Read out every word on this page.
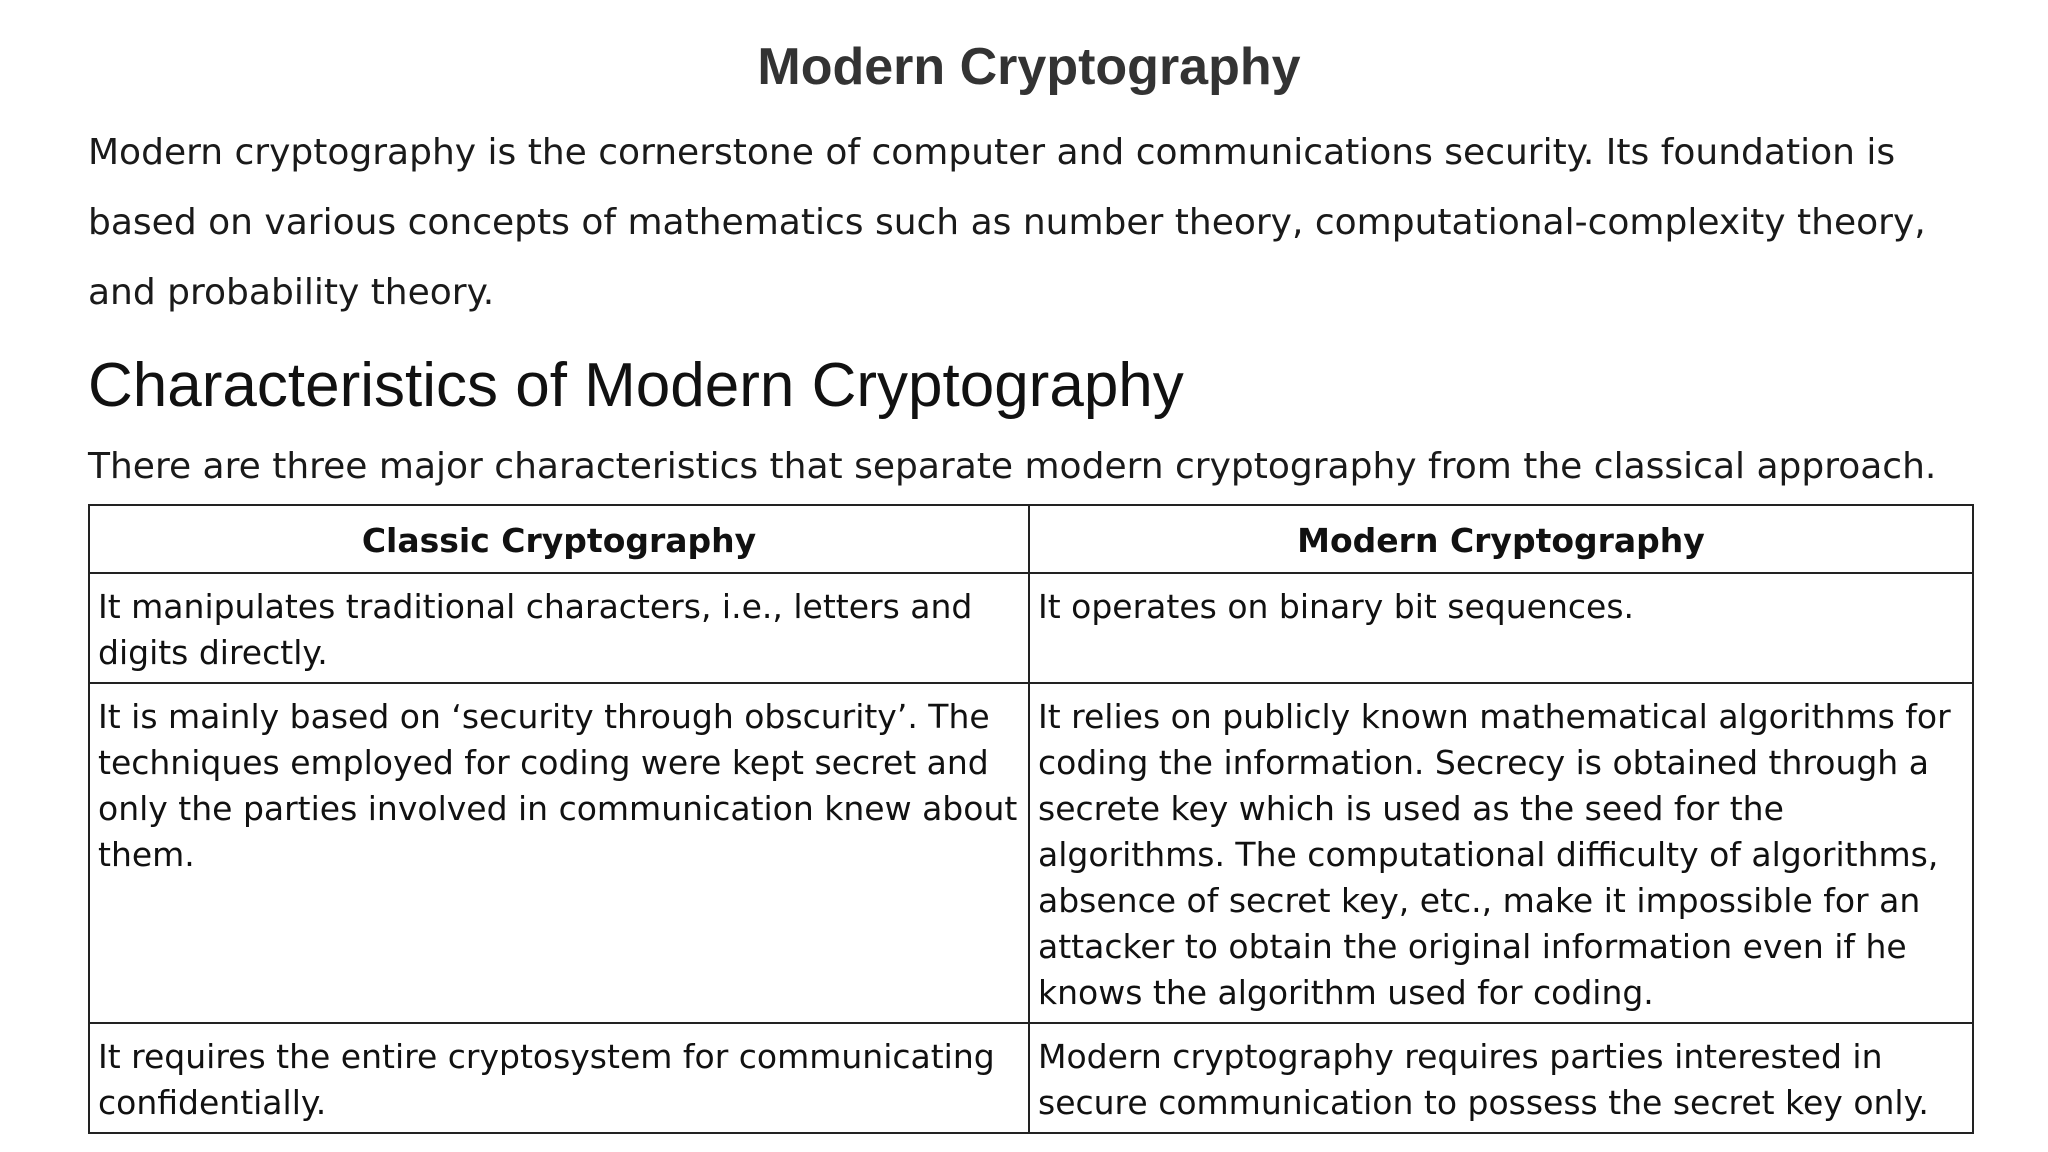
Modern Cryptography

Modern cryptography is the cornerstone of computer and communications security. Its foundation is based on various concepts of mathematics such as number theory, computational-complexity theory, and probability theory.

Characteristics of Modern Cryptography

There are three major characteristics that separate modern cryptography from the classical approach.

Classic Cryptography	Modern Cryptography
It manipulates traditional characters, i.e., letters and digits directly.	It operates on binary bit sequences.
It is mainly based on ‘security through obscurity’. The techniques employed for coding were kept secret and only the parties involved in communication knew about them.	It relies on publicly known mathematical algorithms for coding the information. Secrecy is obtained through a secrete key which is used as the seed for the algorithms. The computational difficulty of algorithms, absence of secret key, etc., make it impossible for an attacker to obtain the original information even if he knows the algorithm used for coding.
It requires the entire cryptosystem for communicating confidentially.	Modern cryptography requires parties interested in secure communication to possess the secret key only.
